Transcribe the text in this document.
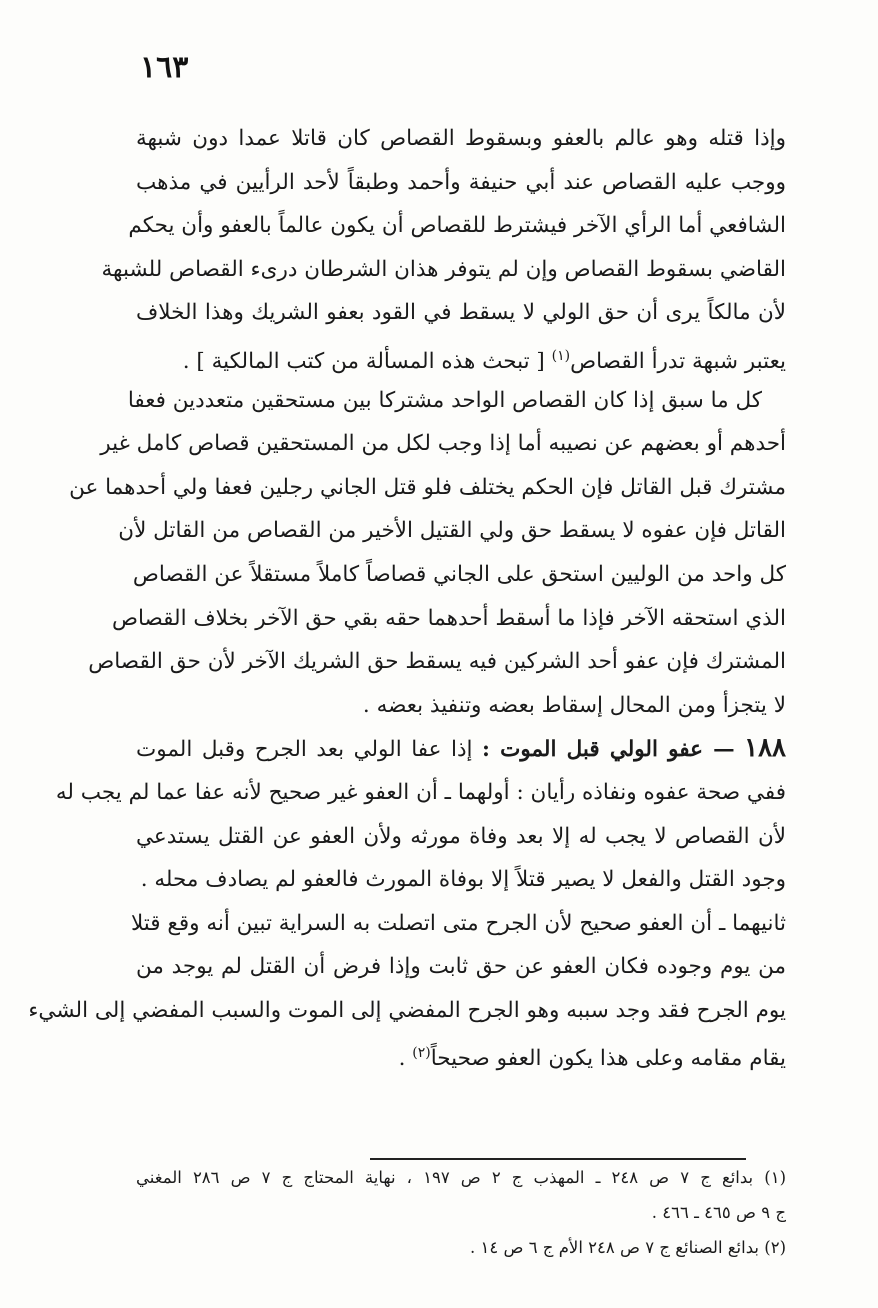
١٦٣
وإذا قتله وهو عالم بالعفو وبسقوط القصاص كان قاتلا عمدا دون شبهة
ووجب عليه القصاص عند أبي حنيفة وأحمد وطبقاً لأحد الرأيين في مذهب
الشافعي أما الرأي الآخر فيشترط للقصاص أن يكون عالماً بالعفو وأن يحكم
القاضي بسقوط القصاص وإن لم يتوفر هذان الشرطان درىء القصاص للشبهة
لأن مالكاً يرى أن حق الولي لا يسقط في القود بعفو الشريك وهذا الخلاف
يعتبر شبهة تدرأ القصاص$^{(١)}$ [ تبحث هذه المسألة من كتب المالكية ] .
كل ما سبق إذا كان القصاص الواحد مشتركا بين مستحقين متعددين فعفا
أحدهم أو بعضهم عن نصيبه أما إذا وجب لكل من المستحقين قصاص كامل غير
مشترك قبل القاتل فإن الحكم يختلف فلو قتل الجاني رجلين فعفا ولي أحدهما عن
القاتل فإن عفوه لا يسقط حق ولي القتيل الأخير من القصاص من القاتل لأن
كل واحد من الوليين استحق على الجاني قصاصاً كاملاً مستقلاً عن القصاص
الذي استحقه الآخر فإذا ما أسقط أحدهما حقه بقي حق الآخر بخلاف القصاص
المشترك فإن عفو أحد الشركين فيه يسقط حق الشريك الآخر لأن حق القصاص
لا يتجزأ ومن المحال إسقاط بعضه وتنفيذ بعضه .
١٨٨ — عفو الولي قبل الموت : إذا عفا الولي بعد الجرح وقبل الموت
ففي صحة عفوه ونفاذه رأيان : أولهما ـ أن العفو غير صحيح لأنه عفا عما لم يجب له
لأن القصاص لا يجب له إلا بعد وفاة مورثه ولأن العفو عن القتل يستدعي
وجود القتل والفعل لا يصير قتلاً إلا بوفاة المورث فالعفو لم يصادف محله .
ثانيهما ـ أن العفو صحيح لأن الجرح متى اتصلت به السراية تبين أنه وقع قتلا
من يوم وجوده فكان العفو عن حق ثابت وإذا فرض أن القتل لم يوجد من
يوم الجرح فقد وجد سببه وهو الجرح المفضي إلى الموت والسبب المفضي إلى الشيء
يقام مقامه وعلى هذا يكون العفو صحيحاً$^{(٢)}$ .
(١) بدائع ج ٧ ص ٢٤٨ ـ المهذب ج ٢ ص ١٩٧ ، نهاية المحتاج ج ٧ ص ٢٨٦ المغني
ج ٩ ص ٤٦٥ ـ ٤٦٦ .
(٢) بدائع الصنائع ج ٧ ص ٢٤٨ الأم ج ٦ ص ١٤ .
